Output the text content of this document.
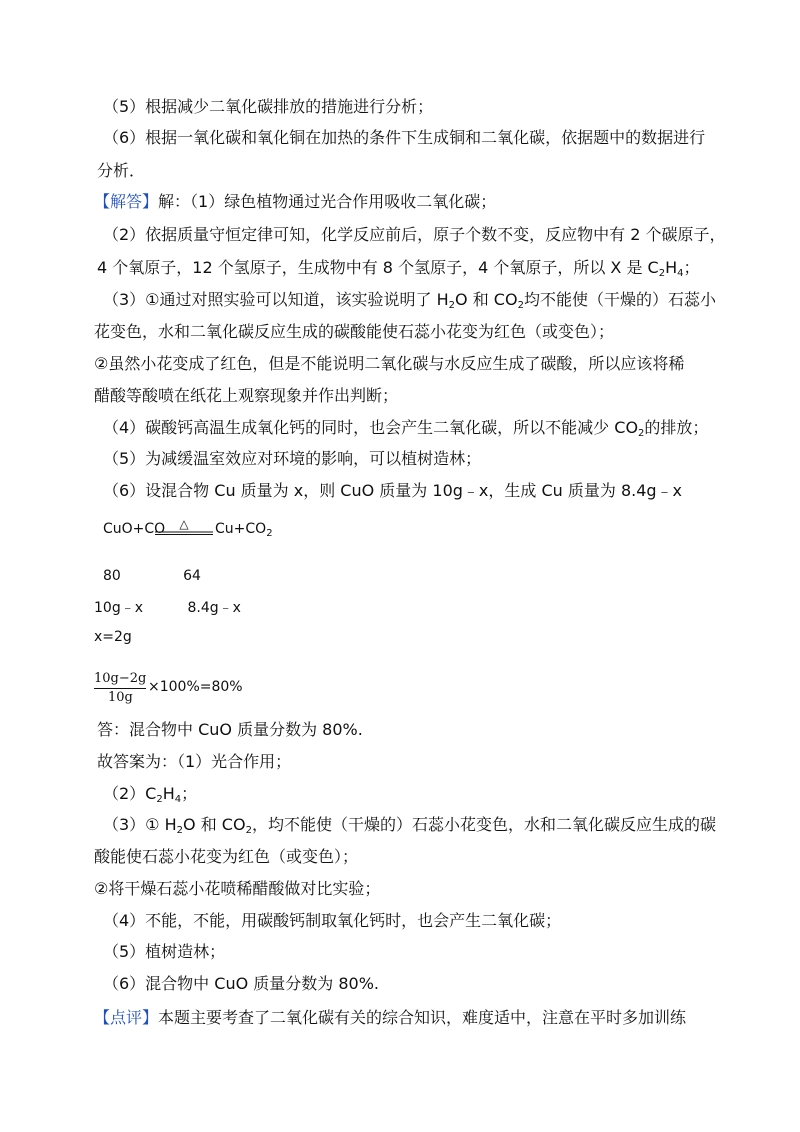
（5）根据减少二氧化碳排放的措施进行分析；
（6）根据一氧化碳和氧化铜在加热的条件下生成铜和二氧化碳，依据题中的数据进行
分析．
【解答】解：（1）绿色植物通过光合作用吸收二氧化碳；
（2）依据质量守恒定律可知，化学反应前后，原子个数不变，反应物中有 2 个碳原子，
4 个氧原子，12 个氢原子，生成物中有 8 个氢原子，4 个氧原子，所以 X 是 $C_2H_4$；
（3）①通过对照实验可以知道，该实验说明了 $H_2O$ 和 $CO_2$均不能使（干燥的）石蕊小
花变色，水和二氧化碳反应生成的碳酸能使石蕊小花变为红色（或变色）；
②虽然小花变成了红色，但是不能说明二氧化碳与水反应生成了碳酸，所以应该将稀
醋酸等酸喷在纸花上观察现象并作出判断；
（4）碳酸钙高温生成氧化钙的同时，也会产生二氧化碳，所以不能减少 $CO_2$的排放；
（5）为减缓温室效应对环境的影响，可以植树造林；
（6）设混合物 Cu 质量为 x，则 CuO 质量为 10g﹣x，生成 Cu 质量为 8.4g﹣x
CuO+CO △ $Cu+CO_2$
80              64
10g﹣x          8.4g﹣x
x=2g
10g−2g
10g
×100%=80%
答：混合物中 CuO 质量分数为 80%.
故答案为：（1）光合作用；
$(2)C_2H_4$；
（3）① $H_2O$ 和 $CO_2$，均不能使（干燥的）石蕊小花变色，水和二氧化碳反应生成的碳
酸能使石蕊小花变为红色（或变色）；
②将干燥石蕊小花喷稀醋酸做对比实验；
（4）不能，不能，用碳酸钙制取氧化钙时，也会产生二氧化碳；
（5）植树造林；
（6）混合物中 CuO 质量分数为 80%.
【点评】本题主要考查了二氧化碳有关的综合知识，难度适中，注意在平时多加训练
